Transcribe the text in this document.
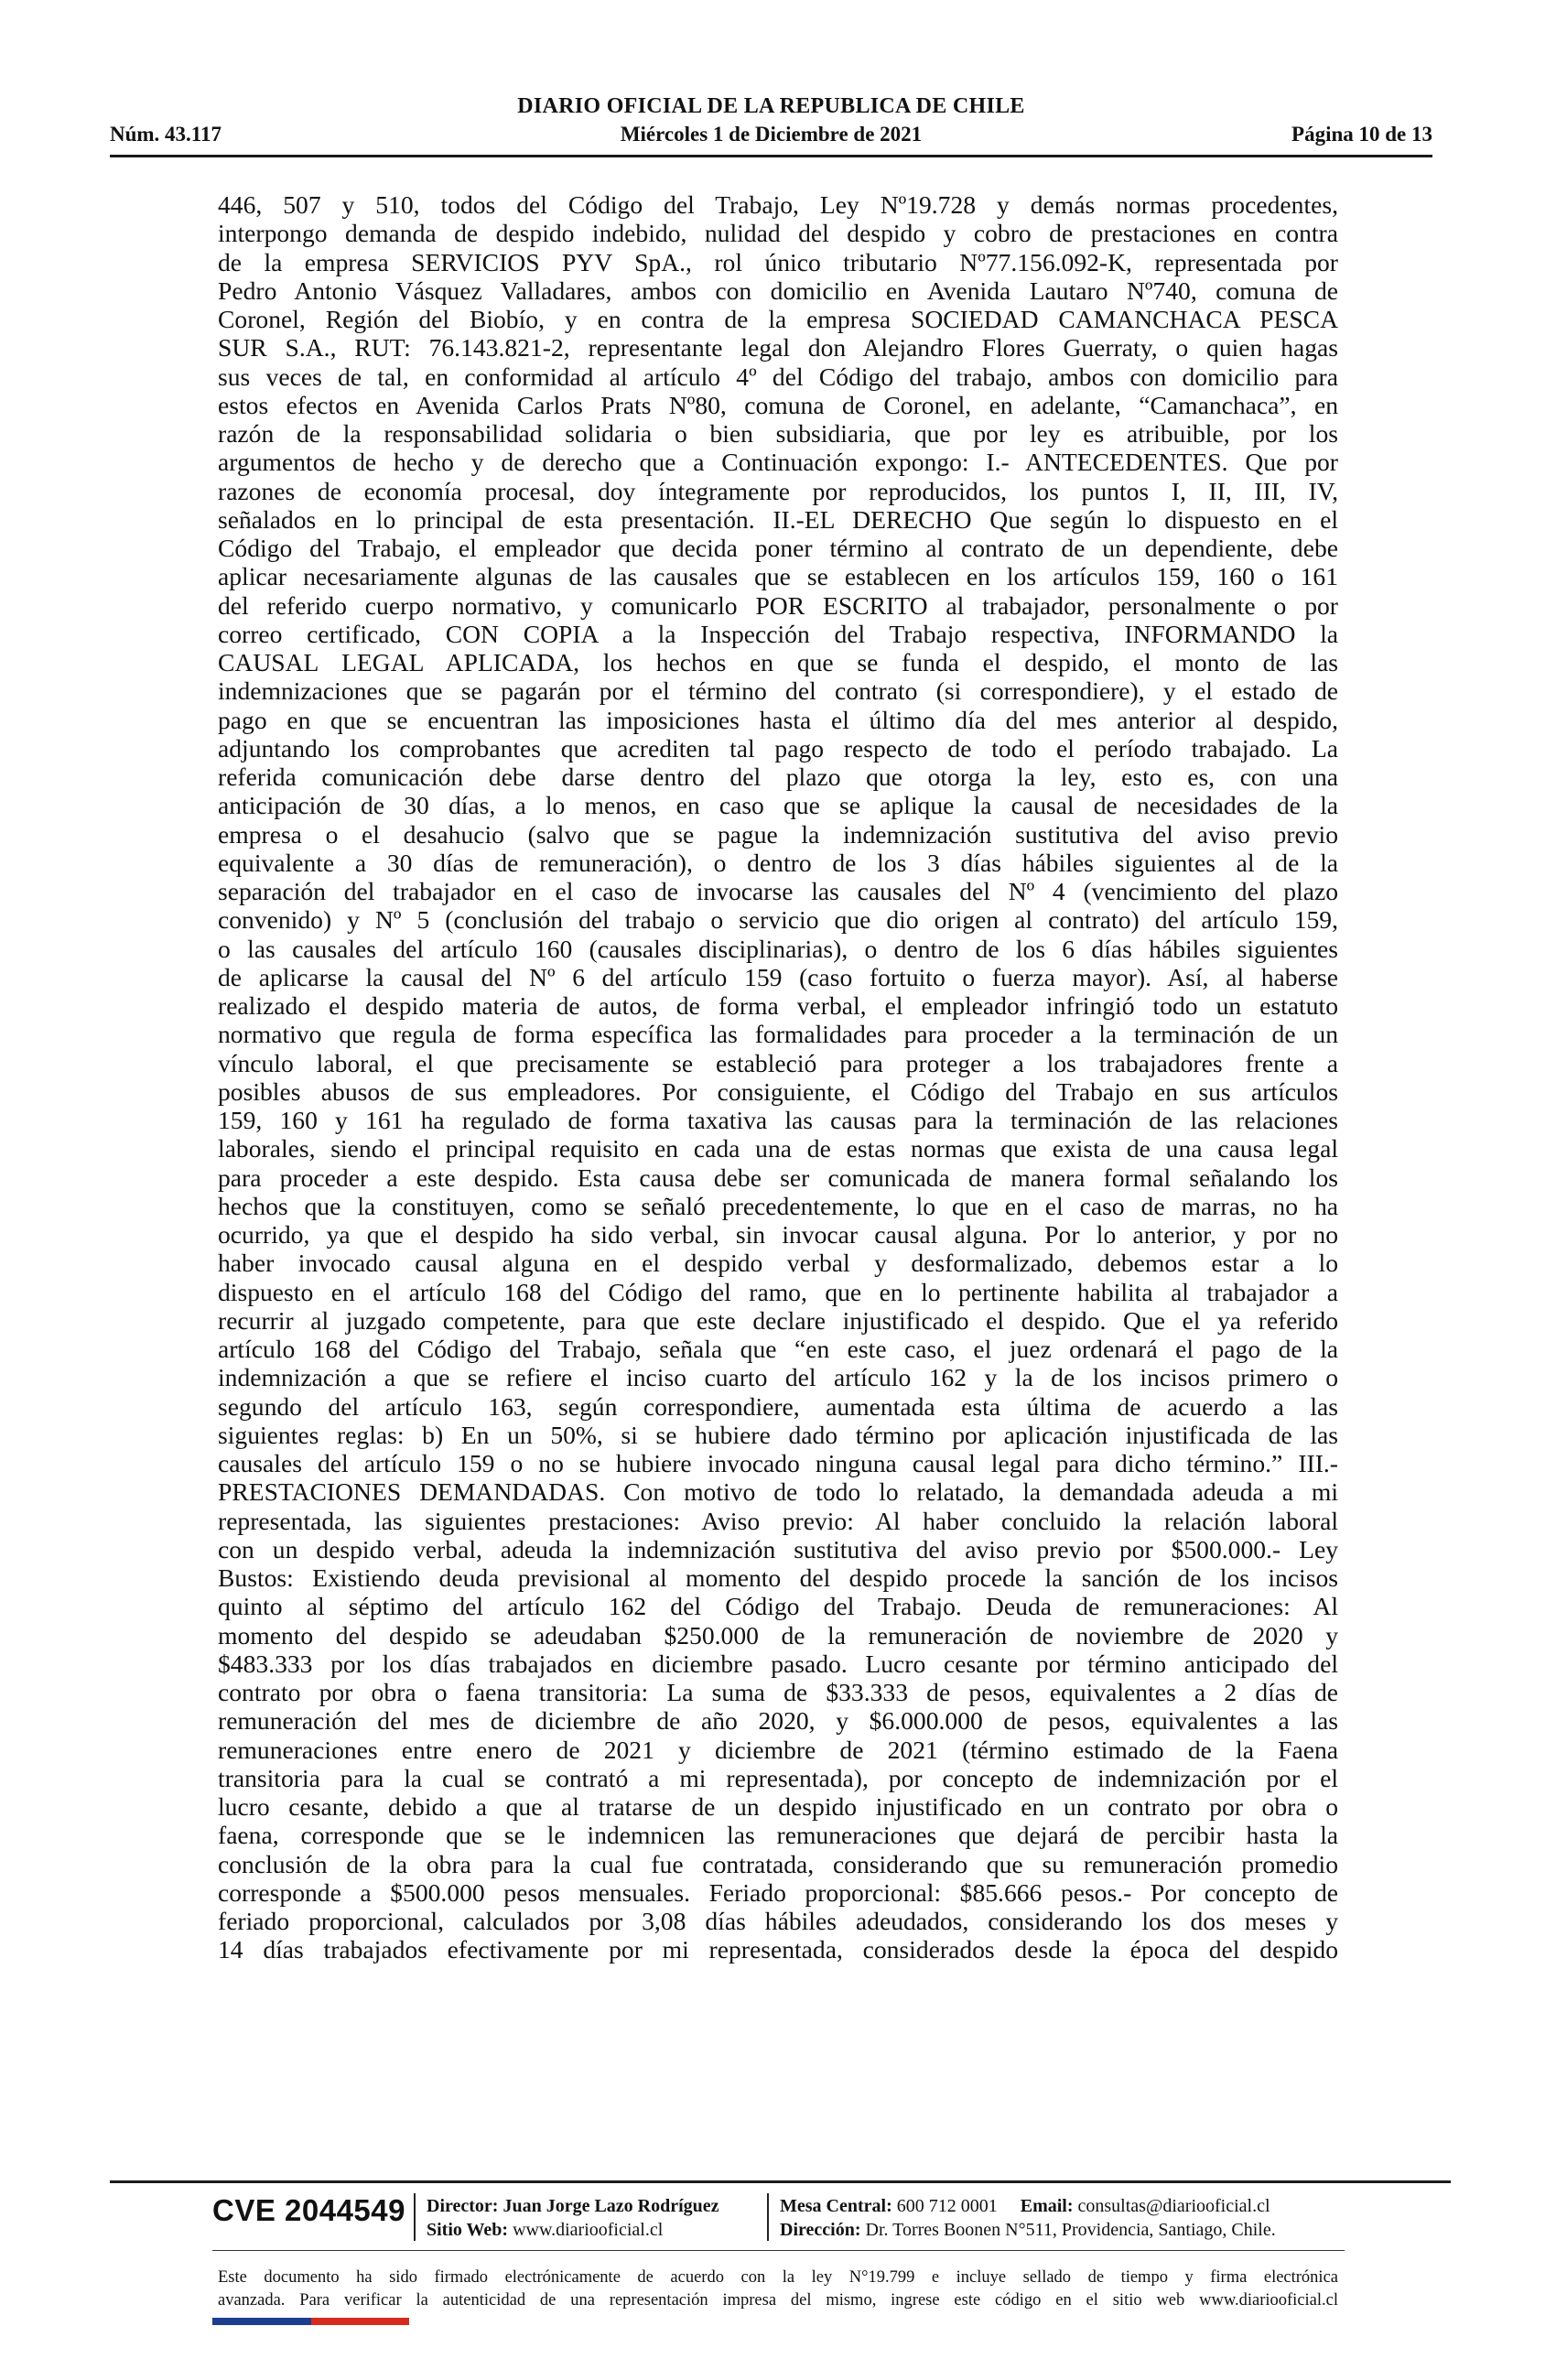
DIARIO OFICIAL DE LA REPUBLICA DE CHILE
Núm. 43.117	Miércoles 1 de Diciembre de 2021	Página 10 de 13
446, 507 y 510, todos del Código del Trabajo, Ley Nº19.728 y demás normas procedentes,
interpongo demanda de despido indebido, nulidad del despido y cobro de prestaciones en contra
de la empresa SERVICIOS PYV SpA., rol único tributario Nº77.156.092-K, representada por
Pedro Antonio Vásquez Valladares, ambos con domicilio en Avenida Lautaro Nº740, comuna de
Coronel, Región del Biobío, y en contra de la empresa SOCIEDAD CAMANCHACA PESCA
SUR S.A., RUT: 76.143.821-2, representante legal don Alejandro Flores Guerraty, o quien hagas
sus veces de tal, en conformidad al artículo 4º del Código del trabajo, ambos con domicilio para
estos efectos en Avenida Carlos Prats Nº80, comuna de Coronel, en adelante, “Camanchaca”, en
razón de la responsabilidad solidaria o bien subsidiaria, que por ley es atribuible, por los
argumentos de hecho y de derecho que a Continuación expongo: I.- ANTECEDENTES. Que por
razones de economía procesal, doy íntegramente por reproducidos, los puntos I, II, III, IV,
señalados en lo principal de esta presentación. II.-EL DERECHO Que según lo dispuesto en el
Código del Trabajo, el empleador que decida poner término al contrato de un dependiente, debe
aplicar necesariamente algunas de las causales que se establecen en los artículos 159, 160 o 161
del referido cuerpo normativo, y comunicarlo POR ESCRITO al trabajador, personalmente o por
correo certificado, CON COPIA a la Inspección del Trabajo respectiva, INFORMANDO la
CAUSAL LEGAL APLICADA, los hechos en que se funda el despido, el monto de las
indemnizaciones que se pagarán por el término del contrato (si correspondiere), y el estado de
pago en que se encuentran las imposiciones hasta el último día del mes anterior al despido,
adjuntando los comprobantes que acrediten tal pago respecto de todo el período trabajado. La
referida comunicación debe darse dentro del plazo que otorga la ley, esto es, con una
anticipación de 30 días, a lo menos, en caso que se aplique la causal de necesidades de la
empresa o el desahucio (salvo que se pague la indemnización sustitutiva del aviso previo
equivalente a 30 días de remuneración), o dentro de los 3 días hábiles siguientes al de la
separación del trabajador en el caso de invocarse las causales del Nº 4 (vencimiento del plazo
convenido) y Nº 5 (conclusión del trabajo o servicio que dio origen al contrato) del artículo 159,
o las causales del artículo 160 (causales disciplinarias), o dentro de los 6 días hábiles siguientes
de aplicarse la causal del Nº 6 del artículo 159 (caso fortuito o fuerza mayor). Así, al haberse
realizado el despido materia de autos, de forma verbal, el empleador infringió todo un estatuto
normativo que regula de forma específica las formalidades para proceder a la terminación de un
vínculo laboral, el que precisamente se estableció para proteger a los trabajadores frente a
posibles abusos de sus empleadores. Por consiguiente, el Código del Trabajo en sus artículos
159, 160 y 161 ha regulado de forma taxativa las causas para la terminación de las relaciones
laborales, siendo el principal requisito en cada una de estas normas que exista de una causa legal
para proceder a este despido. Esta causa debe ser comunicada de manera formal señalando los
hechos que la constituyen, como se señaló precedentemente, lo que en el caso de marras, no ha
ocurrido, ya que el despido ha sido verbal, sin invocar causal alguna. Por lo anterior, y por no
haber invocado causal alguna en el despido verbal y desformalizado, debemos estar a lo
dispuesto en el artículo 168 del Código del ramo, que en lo pertinente habilita al trabajador a
recurrir al juzgado competente, para que este declare injustificado el despido. Que el ya referido
artículo 168 del Código del Trabajo, señala que “en este caso, el juez ordenará el pago de la
indemnización a que se refiere el inciso cuarto del artículo 162 y la de los incisos primero o
segundo del artículo 163, según correspondiere, aumentada esta última de acuerdo a las
siguientes reglas: b) En un 50%, si se hubiere dado término por aplicación injustificada de las
causales del artículo 159 o no se hubiere invocado ninguna causal legal para dicho término.” III.-
PRESTACIONES DEMANDADAS. Con motivo de todo lo relatado, la demandada adeuda a mi
representada, las siguientes prestaciones: Aviso previo: Al haber concluido la relación laboral
con un despido verbal, adeuda la indemnización sustitutiva del aviso previo por $500.000.- Ley
Bustos: Existiendo deuda previsional al momento del despido procede la sanción de los incisos
quinto al séptimo del artículo 162 del Código del Trabajo. Deuda de remuneraciones: Al
momento del despido se adeudaban $250.000 de la remuneración de noviembre de 2020 y
$483.333 por los días trabajados en diciembre pasado. Lucro cesante por término anticipado del
contrato por obra o faena transitoria: La suma de $33.333 de pesos, equivalentes a 2 días de
remuneración del mes de diciembre de año 2020, y $6.000.000 de pesos, equivalentes a las
remuneraciones entre enero de 2021 y diciembre de 2021 (término estimado de la Faena
transitoria para la cual se contrató a mi representada), por concepto de indemnización por el
lucro cesante, debido a que al tratarse de un despido injustificado en un contrato por obra o
faena, corresponde que se le indemnicen las remuneraciones que dejará de percibir hasta la
conclusión de la obra para la cual fue contratada, considerando que su remuneración promedio
corresponde a $500.000 pesos mensuales. Feriado proporcional: $85.666 pesos.- Por concepto de
feriado proporcional, calculados por 3,08 días hábiles adeudados, considerando los dos meses y
14 días trabajados efectivamente por mi representada, considerados desde la época del despido
CVE 2044549 Director: Juan Jorge Lazo Rodríguez
Sitio Web: www.diariooficial.cl
Mesa Central: 600 712 0001 Email: consultas@diariooficial.cl
Dirección: Dr. Torres Boonen N°511, Providencia, Santiago, Chile.
Este documento ha sido firmado electrónicamente de acuerdo con la ley N°19.799 e incluye sellado de tiempo y firma electrónica
avanzada. Para verificar la autenticidad de una representación impresa del mismo, ingrese este código en el sitio web www.diariooficial.cl
